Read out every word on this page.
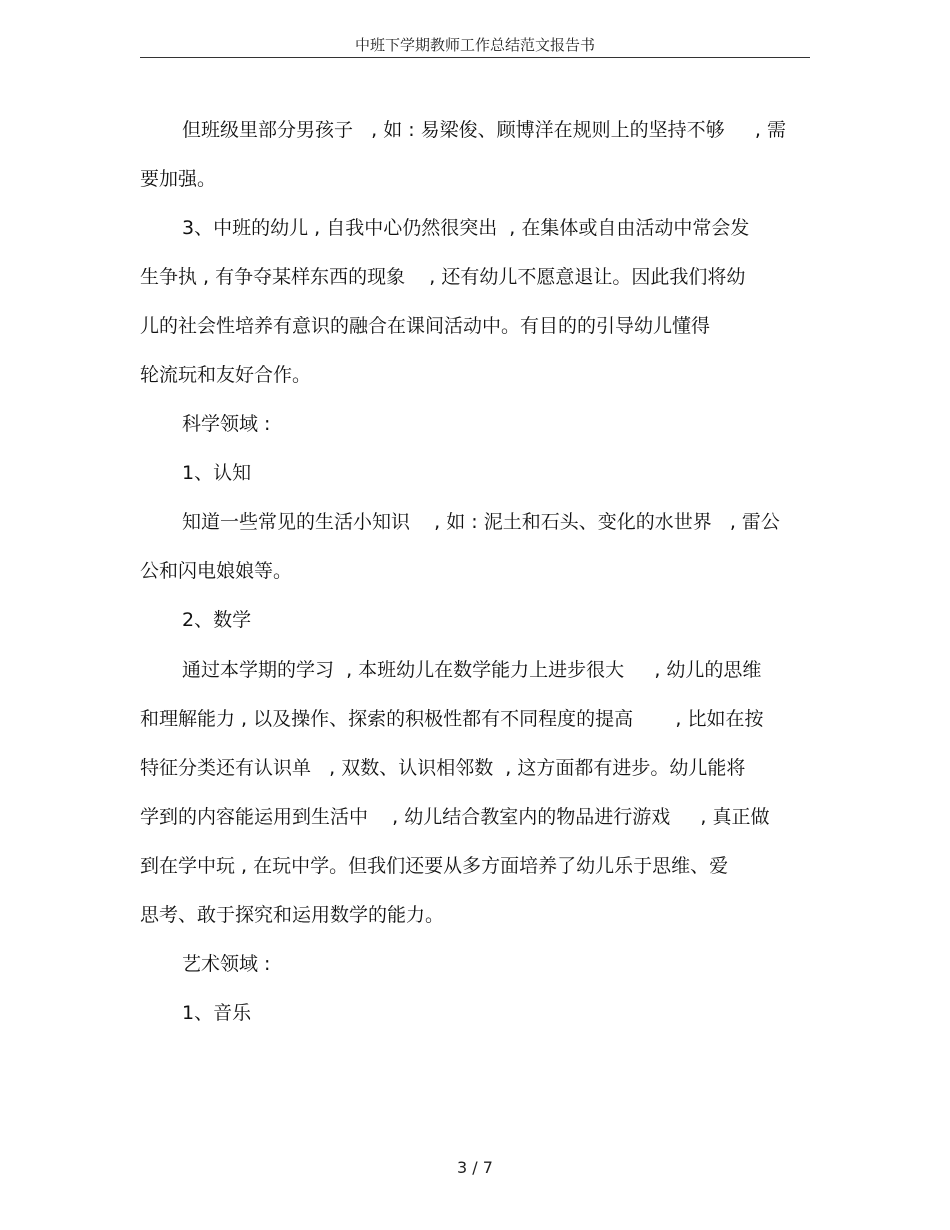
中班下学期教师工作总结范文报告书
但班级里部分男孩子   , 如 : 易梁俊、顾博洋在规则上的坚持不够     , 需
要加强。
3、中班的幼儿 , 自我中心仍然很突出  , 在集体或自由活动中常会发
生争执 , 有争夺某样东西的现象    , 还有幼儿不愿意退让。因此我们将幼
儿的社会性培养有意识的融合在课间活动中。有目的的引导幼儿懂得
轮流玩和友好合作。
科学领域 :
1、认知
知道一些常见的生活小知识    , 如 : 泥土和石头、变化的水世界   , 雷公
公和闪电娘娘等。
2、数学
通过本学期的学习  , 本班幼儿在数学能力上进步很大     , 幼儿的思维
和理解能力 , 以及操作、探索的积极性都有不同程度的提高       , 比如在按
特征分类还有认识单   , 双数、认识相邻数  , 这方面都有进步。幼儿能将
学到的内容能运用到生活中    , 幼儿结合教室内的物品进行游戏     , 真正做
到在学中玩 , 在玩中学。但我们还要从多方面培养了幼儿乐于思维、爱
思考、敢于探究和运用数学的能力。
艺术领域 :
1、音乐
3 / 7
